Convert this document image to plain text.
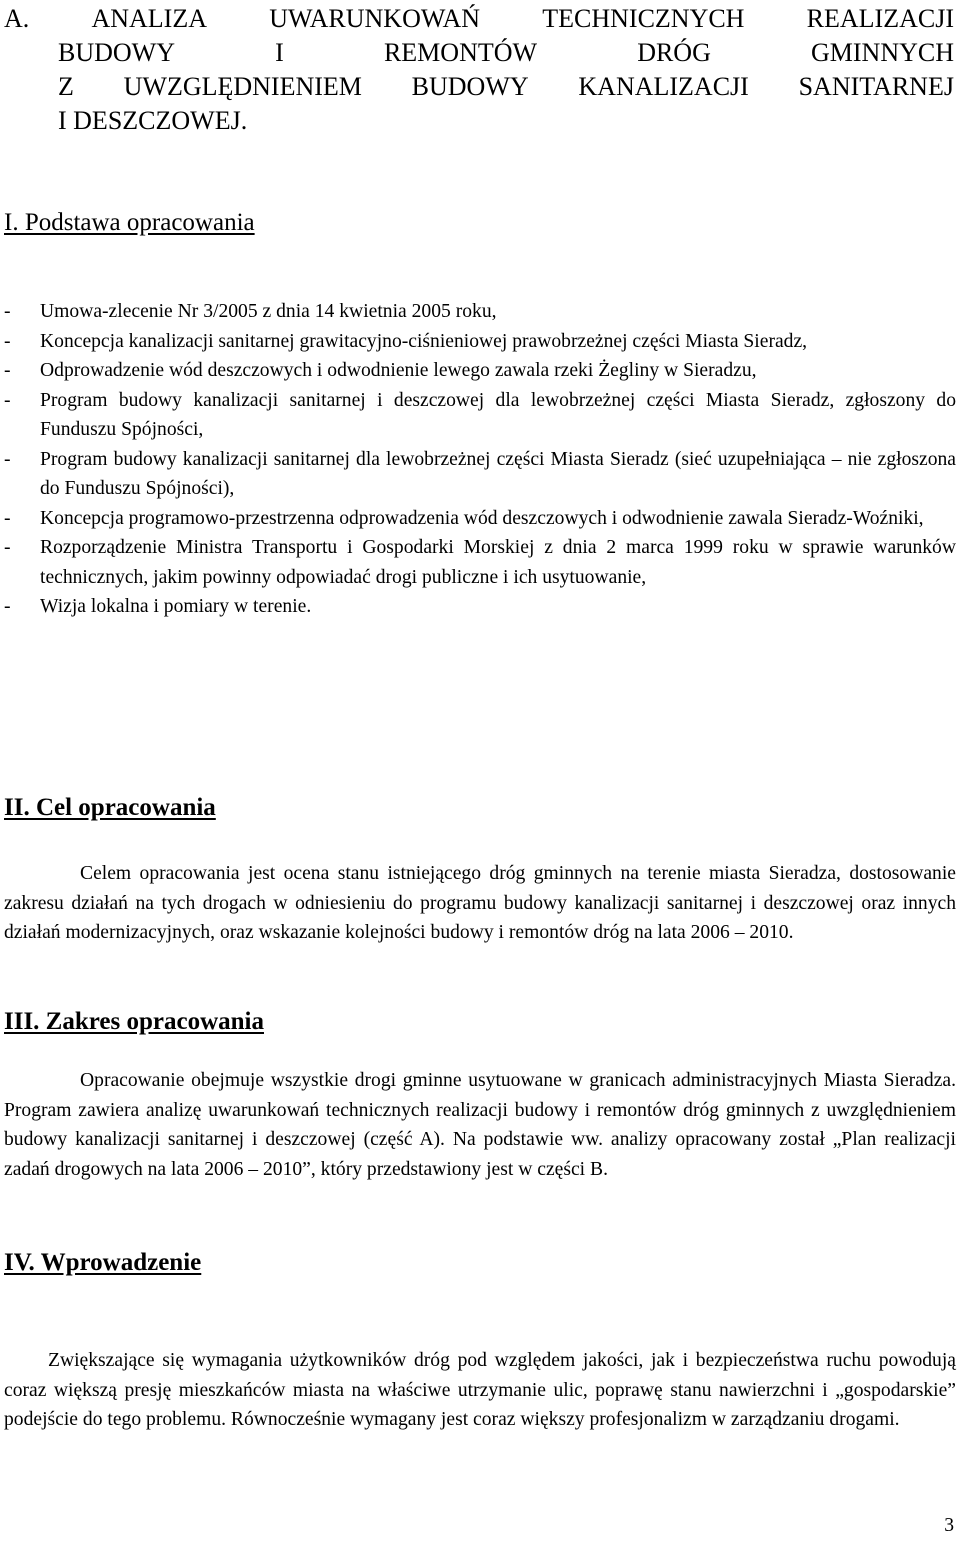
A. ANALIZA UWARUNKOWAŃ TECHNICZNYCH REALIZACJI
BUDOWY	I	REMONTÓW	DRÓG	GMINNYCH
Z UWZGLĘDNIENIEM BUDOWY KANALIZACJI SANITARNEJ
I DESZCZOWEJ.
I. Podstawa opracowania
-	Umowa-zlecenie Nr 3/2005 z dnia 14 kwietnia 2005 roku,
-	Koncepcja kanalizacji sanitarnej grawitacyjno-ciśnieniowej prawobrzeżnej części Miasta Sieradz,
-	Odprowadzenie wód deszczowych i odwodnienie lewego zawala rzeki Żegliny w Sieradzu,
-	Program budowy kanalizacji sanitarnej i deszczowej dla lewobrzeżnej części Miasta Sieradz, zgłoszony do Funduszu Spójności,
-	Program budowy kanalizacji sanitarnej dla lewobrzeżnej części Miasta Sieradz (sieć uzupełniająca – nie zgłoszona do Funduszu Spójności),
-	Koncepcja programowo-przestrzenna odprowadzenia wód deszczowych i odwodnienie zawala Sieradz-Woźniki,
-	Rozporządzenie Ministra Transportu i Gospodarki Morskiej z dnia 2 marca 1999 roku w sprawie warunków technicznych, jakim powinny odpowiadać drogi publiczne i ich usytuowanie,
-	Wizja lokalna i pomiary w terenie.
II. Cel opracowania

Celem opracowania jest ocena stanu istniejącego dróg gminnych na terenie miasta Sieradza, dostosowanie zakresu działań na tych drogach w odniesieniu do programu budowy kanalizacji sanitarnej i deszczowej oraz innych działań modernizacyjnych, oraz wskazanie kolejności budowy i remontów dróg na lata 2006 – 2010.

III. Zakres opracowania

Opracowanie obejmuje wszystkie drogi gminne usytuowane w granicach administracyjnych Miasta Sieradza. Program zawiera analizę uwarunkowań technicznych realizacji budowy i remontów dróg gminnych z uwzględnieniem budowy kanalizacji sanitarnej i deszczowej (część A). Na podstawie ww. analizy opracowany został „Plan realizacji zadań drogowych na lata 2006 – 2010”, który przedstawiony jest w części B.

IV. Wprowadzenie

Zwiększające się wymagania użytkowników dróg pod względem jakości, jak i bezpieczeństwa ruchu powodują coraz większą presję mieszkańców miasta na właściwe utrzymanie ulic, poprawę stanu nawierzchni i „gospodarskie” podejście do tego problemu. Równocześnie wymagany jest coraz większy profesjonalizm w zarządzaniu drogami.

3
